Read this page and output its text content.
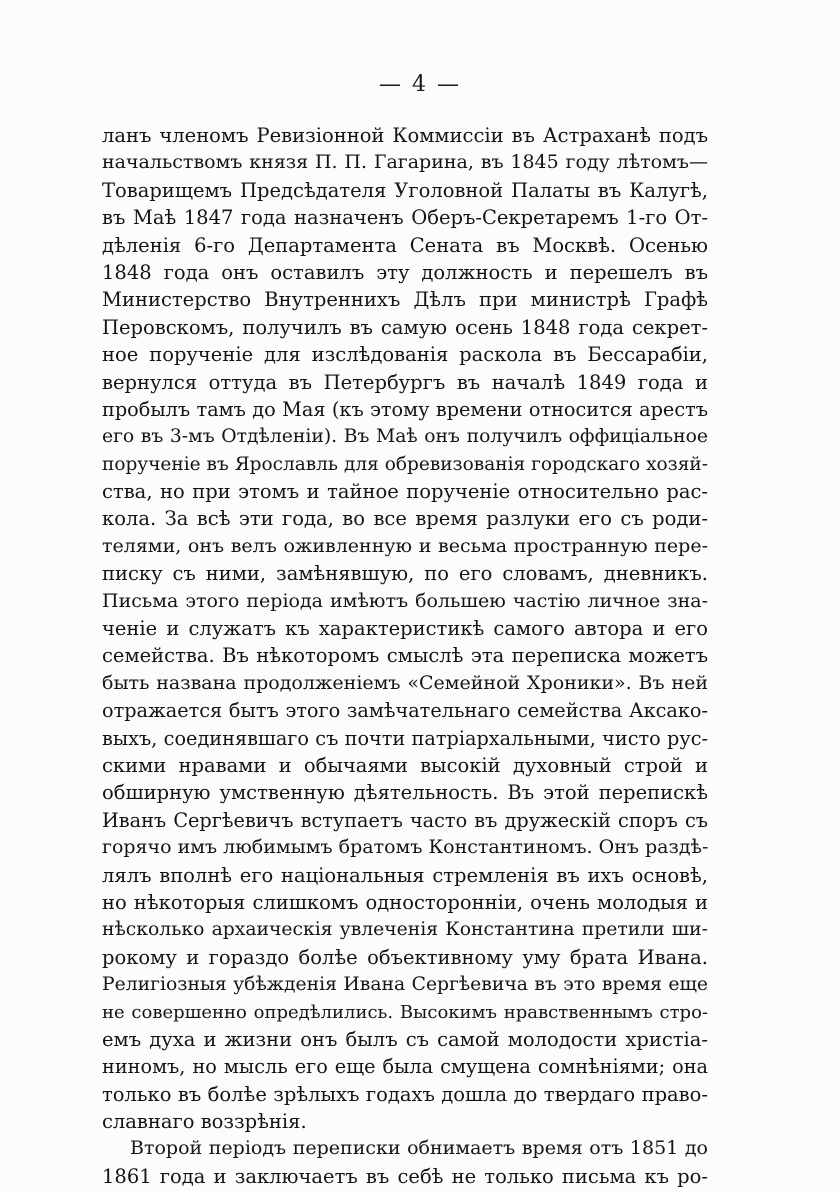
— 4 —
ланъ членомъ Ревизіонной Коммиссіи въ Астраханѣ подъ
начальствомъ князя П. П. Гагарина, въ 1845 году лѣтомъ—
Товарищемъ Предсѣдателя Уголовной Палаты въ Калугѣ,
въ Маѣ 1847 года назначенъ Оберъ-Секретаремъ 1-го От-
дѣленія 6-го Департамента Сената въ Москвѣ. Осенью
1848 года онъ оставилъ эту должность и перешелъ въ
Министерство Внутреннихъ Дѣлъ при министрѣ Графѣ
Перовскомъ, получилъ въ самую осень 1848 года секрет-
ное порученіе для изслѣдованія раскола въ Бессарабіи,
вернулся оттуда въ Петербургъ въ началѣ 1849 года и
пробылъ тамъ до Мая (къ этому времени относится арестъ
его въ 3-мъ Отдѣленіи). Въ Маѣ онъ получилъ оффиціальное
порученіе въ Ярославль для обревизованія городскаго хозяй-
ства, но при этомъ и тайное порученіе относительно рас-
кола. За всѣ эти года, во все время разлуки его съ роди-
телями, онъ велъ оживленную и весьма пространную пере-
писку съ ними, замѣнявшую, по его словамъ, дневникъ.
Письма этого періода имѣютъ большею частію личное зна-
ченіе и служатъ къ характеристикѣ самого автора и его
семейства. Въ нѣкоторомъ смыслѣ эта переписка можетъ
быть названа продолженіемъ «Семейной Хроники». Въ ней
отражается бытъ этого замѣчательнаго семейства Аксако-
выхъ, соединявшаго съ почти патріархальными, чисто рус-
скими нравами и обычаями высокій духовный строй и
обширную умственную дѣятельность. Въ этой перепискѣ
Иванъ Сергѣевичъ вступаетъ часто въ дружескій споръ съ
горячо имъ любимымъ братомъ Константиномъ. Онъ раздѣ-
лялъ вполнѣ его національныя стремленія въ ихъ основѣ,
но нѣкоторыя слишкомъ односторонніи, очень молодыя и
нѣсколько архаическія увлеченія Константина претили ши-
рокому и гораздо болѣе объективному уму брата Ивана.
Религіозныя убѣжденія Ивана Сергѣевича въ это время еще
не совершенно опредѣлились. Высокимъ нравственнымъ стро-
емъ духа и жизни онъ былъ съ самой молодости христіа-
ниномъ, но мысль его еще была смущена сомнѣніями; она
только въ болѣе зрѣлыхъ годахъ дошла до твердаго право-
славнаго воззрѣнія.
Второй періодъ переписки обнимаетъ время отъ 1851 до
1861 года и заключаетъ въ себѣ не только письма къ ро-
